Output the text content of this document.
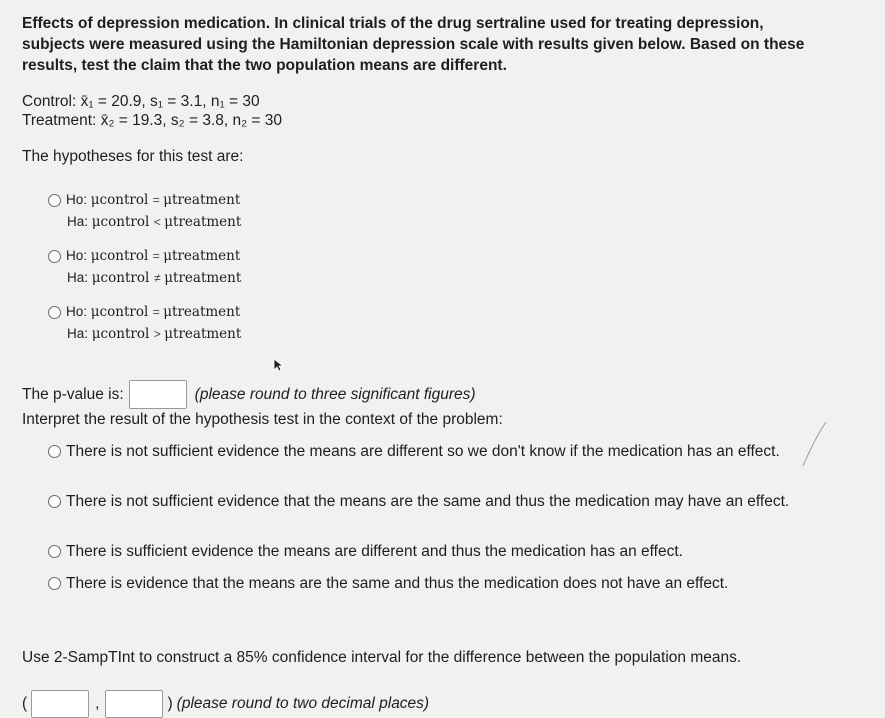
Effects of depression medication. In clinical trials of the drug sertraline used for treating depression, subjects were measured using the Hamiltonian depression scale with results given below. Based on these results, test the claim that the two population means are different.
Control: x̄₁ = 20.9, s₁ = 3.1, n₁ = 30
Treatment: x̄₂ = 19.3, s₂ = 3.8, n₂ = 30
The hypotheses for this test are:
Ho:
μcontrol = μtreatment
Ha:
μcontrol < μtreatment
Ho:
μcontrol = μtreatment
Ha:
μcontrol ≠ μtreatment
Ho:
μcontrol = μtreatment
Ha:
μcontrol > μtreatment
The p-value is:	(please round to three significant figures)
Interpret the result of the hypothesis test in the context of the problem:
There is not sufficient evidence the means are different so we don't know if the medication has an effect.
There is not sufficient evidence that the means are the same and thus the medication may have an effect.
There is sufficient evidence the means are different and thus the medication has an effect.
There is evidence that the means are the same and thus the medication does not have an effect.
Use 2-SampTInt to construct a 85% confidence interval for the difference between the population means.
(	,	) (please round to two decimal places)
